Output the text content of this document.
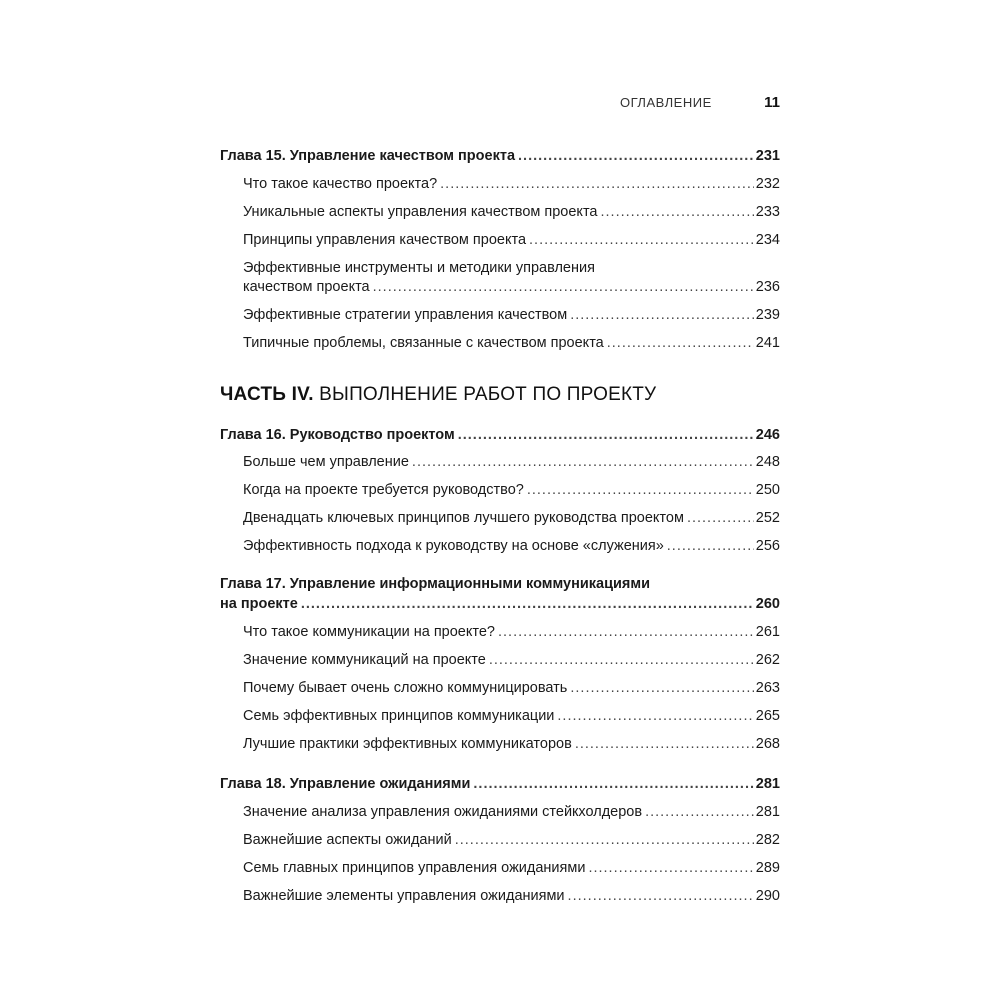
ОГЛАВЛЕНИЕ	11
Глава 15. Управление качеством проекта .....	231
Что такое качество проекта? .....	232
Уникальные аспекты управления качеством проекта .....	233
Принципы управления качеством проекта .....	234
Эффективные инструменты и методики управления
качеством проекта .....	236
Эффективные стратегии управления качеством .....	239
Типичные проблемы, связанные с качеством проекта .....	241
ЧАСТЬ IV. ВЫПОЛНЕНИЕ РАБОТ ПО ПРОЕКТУ
Глава 16. Руководство проектом .....	246
Больше чем управление .....	248
Когда на проекте требуется руководство? .....	250
Двенадцать ключевых принципов лучшего руководства проектом .....	252
Эффективность подхода к руководству на основе «служения» .....	256
Глава 17. Управление информационными коммуникациями
на проекте .....	260
Что такое коммуникации на проекте? .....	261
Значение коммуникаций на проекте .....	262
Почему бывает очень сложно коммуницировать .....	263
Семь эффективных принципов коммуникации .....	265
Лучшие практики эффективных коммуникаторов .....	268
Глава 18. Управление ожиданиями .....	281
Значение анализа управления ожиданиями стейкхолдеров .....	281
Важнейшие аспекты ожиданий .....	282
Семь главных принципов управления ожиданиями .....	289
Важнейшие элементы управления ожиданиями .....	290
